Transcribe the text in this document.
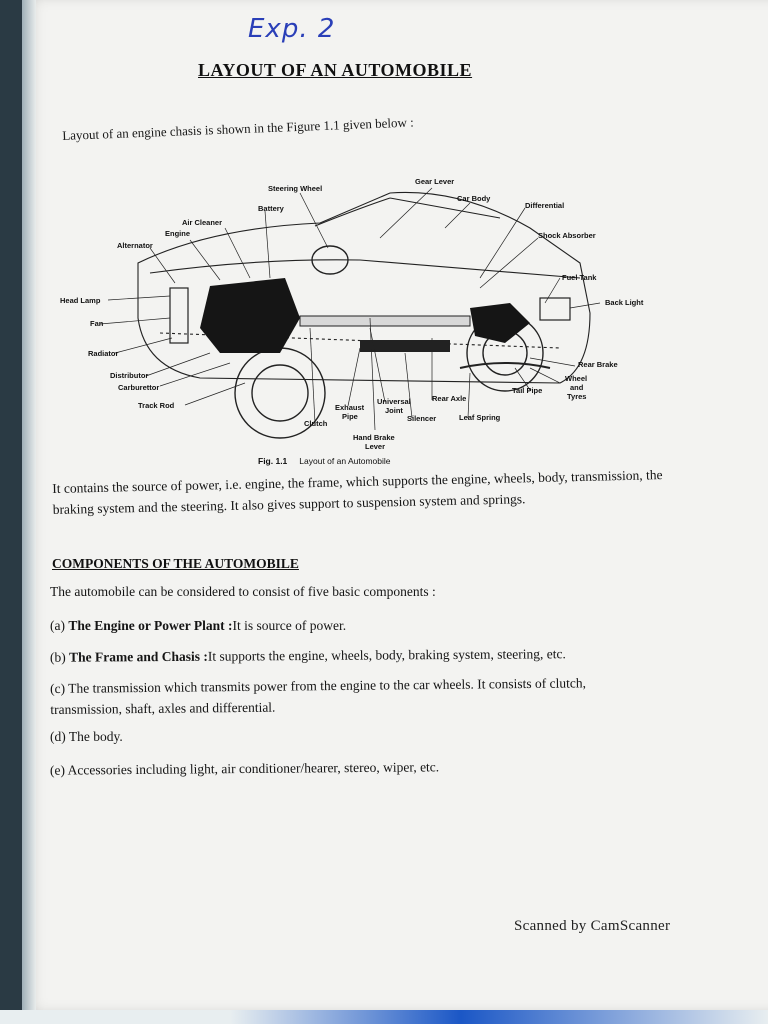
Exp. 2
LAYOUT OF AN AUTOMOBILE
Layout of an engine chasis is shown in the Figure 1.1 given below :
Steering Wheel
Gear Lever
Battery
Car Body
Differential
Air Cleaner
Engine	Shock Absorber
Alternator
Fuel Tank
Head Lamp	Back Light
Fan
Radiator
Rear Brake
Distributor	Wheel
and
Tyres
Carburettor	Tail Pipe
Track Rod
Rear Axle
Universal
Joint
Exhaust
Pipe	Silencer	Leaf Spring
Clutch
Hand Brake
Lever
Fig. 1.1 Layout of an Automobile
It contains the source of power, i.e. engine, the frame, which supports the engine, wheels, body, transmission, the braking system and the steering. It also gives support to suspension system and springs.
COMPONENTS OF THE AUTOMOBILE
The automobile can be considered to consist of five basic components :
(a) The Engine or Power Plant :It is source of power.
(b) The Frame and Chasis :It supports the engine, wheels, body, braking system, steering, etc.
(c) The transmission which transmits power from the engine to the car wheels. It consists of clutch, transmission, shaft, axles and differential.
(d) The body.
(e) Accessories including light, air conditioner/hearer, stereo, wiper, etc.
Scanned by CamScanner
